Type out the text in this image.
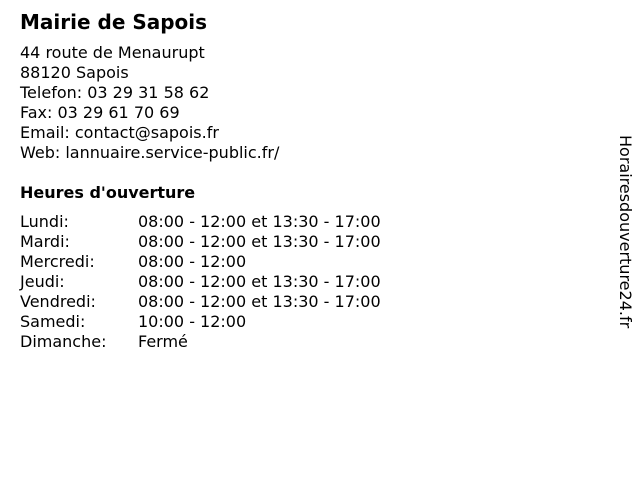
Mairie de Sapois
44 route de Menaurupt
88120 Sapois
Telefon: 03 29 31 58 62
Fax: 03 29 61 70 69
Email: contact@sapois.fr
Web: lannuaire.service-public.fr/
Heures d'ouverture
Lundi:	08:00 - 12:00 et 13:30 - 17:00
Mardi:	08:00 - 12:00 et 13:30 - 17:00
Mercredi:	08:00 - 12:00
Jeudi:	08:00 - 12:00 et 13:30 - 17:00
Vendredi:	08:00 - 12:00 et 13:30 - 17:00
Samedi:	10:00 - 12:00
Dimanche:	Fermé
Horairesdouverture24.fr
